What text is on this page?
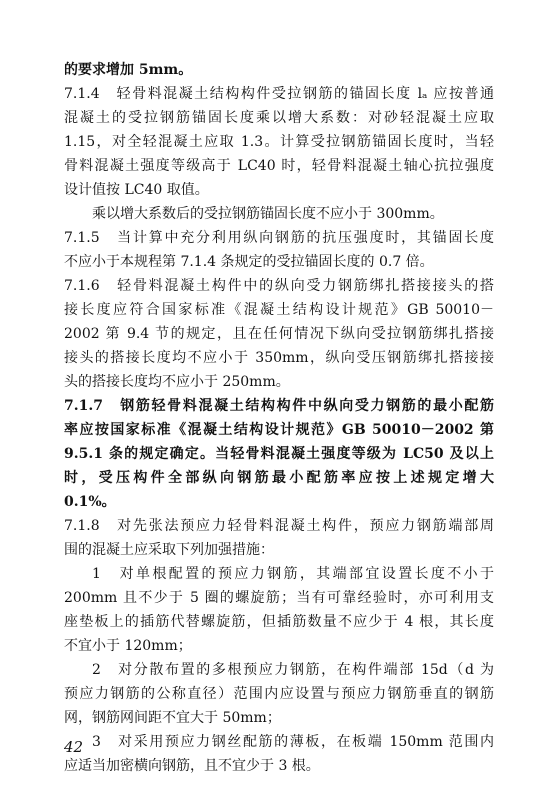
的要求增加 5mm。
7.1.4　轻骨料混凝土结构构件受拉钢筋的锚固长度 lₐ 应按普通
混凝土的受拉钢筋锚固长度乘以增大系数：对砂轻混凝土应取
1.15，对全轻混凝土应取 1.3。计算受拉钢筋锚固长度时，当轻
骨料混凝土强度等级高于 LC40 时，轻骨料混凝土轴心抗拉强度
设计值按 LC40 取值。
乘以增大系数后的受拉钢筋锚固长度不应小于 300mm。
7.1.5　当计算中充分利用纵向钢筋的抗压强度时，其锚固长度
不应小于本规程第 7.1.4 条规定的受拉锚固长度的 0.7 倍。
7.1.6　轻骨料混凝土构件中的纵向受力钢筋绑扎搭接接头的搭
接长度应符合国家标准《混凝土结构设计规范》GB 50010－
2002 第 9.4 节的规定，且在任何情况下纵向受拉钢筋绑扎搭接
接头的搭接长度均不应小于 350mm，纵向受压钢筋绑扎搭接接
头的搭接长度均不应小于 250mm。
7.1.7　钢筋轻骨料混凝土结构构件中纵向受力钢筋的最小配筋
率应按国家标准《混凝土结构设计规范》GB 50010－2002 第
9.5.1 条的规定确定。当轻骨料混凝土强度等级为 LC50 及以上
时，受压构件全部纵向钢筋最小配筋率应按上述规定增大
0.1%。
7.1.8　对先张法预应力轻骨料混凝土构件，预应力钢筋端部周
围的混凝土应采取下列加强措施：
1　对单根配置的预应力钢筋，其端部宜设置长度不小于
200mm 且不少于 5 圈的螺旋筋；当有可靠经验时，亦可利用支
座垫板上的插筋代替螺旋筋，但插筋数量不应少于 4 根，其长度
不宜小于 120mm；
2　对分散布置的多根预应力钢筋，在构件端部 15d（d 为
预应力钢筋的公称直径）范围内应设置与预应力钢筋垂直的钢筋
网，钢筋网间距不宜大于 50mm；
3　对采用预应力钢丝配筋的薄板，在板端 150mm 范围内
应适当加密横向钢筋，且不宜少于 3 根。
42
